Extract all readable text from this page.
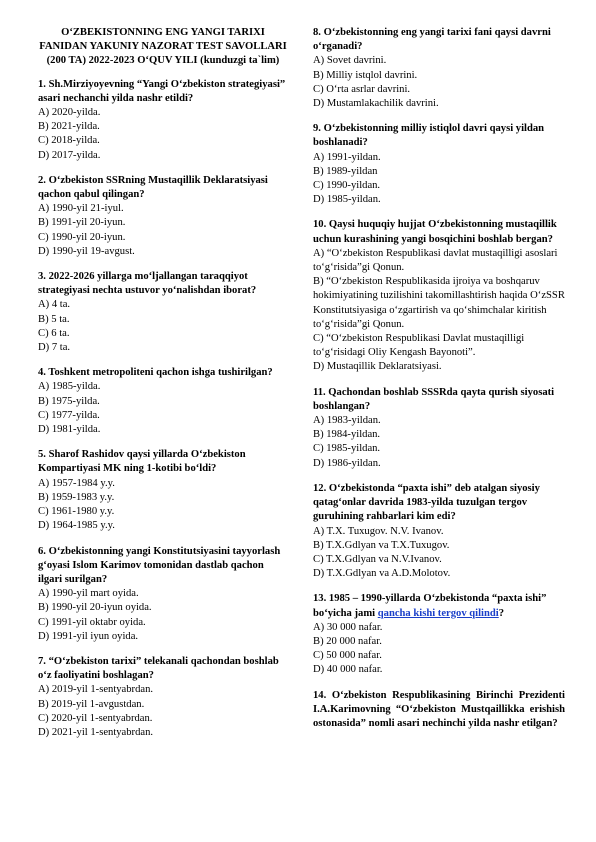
O‘ZBEKISTONNING ENG YANGI TARIXI FANIDAN YAKUNIY NAZORAT TEST SAVOLLARI (200 TA) 2022-2023 O‘QUV YILI (kunduzgi ta`lim)
1. Sh.Mirziyoyevning “Yangi O‘zbekiston strategiyasi” asari nechanchi yilda nashr etildi?
A) 2020-yilda.
B) 2021-yilda.
C) 2018-yilda.
D) 2017-yilda.
2. O‘zbekiston SSRning Mustaqillik Deklaratsiyasi qachon qabul qilingan?
A) 1990-yil 21-iyul.
B) 1991-yil 20-iyun.
C) 1990-yil 20-iyun.
D) 1990-yil 19-avgust.
3. 2022-2026 yillarga mo‘ljallangan taraqqiyot strategiyasi nechta ustuvor yo‘nalishdan iborat?
A) 4 ta.
B) 5 ta.
C) 6 ta.
D) 7 ta.
4. Toshkent metropoliteni qachon ishga tushirilgan?
A) 1985-yilda.
B) 1975-yilda.
C) 1977-yilda.
D) 1981-yilda.
5. Sharof Rashidov qaysi yillarda O‘zbekiston Kompartiyasi MK ning 1-kotibi bo‘ldi?
A) 1957-1984 y.y.
B) 1959-1983 y.y.
C) 1961-1980 y.y.
D) 1964-1985 y.y.
6. O‘zbekistonning yangi Konstitutsiyasini tayyorlash g‘oyasi Islom Karimov tomonidan dastlab qachon ilgari surilgan?
A) 1990-yil mart oyida.
B) 1990-yil 20-iyun oyida.
C) 1991-yil oktabr oyida.
D) 1991-yil iyun oyida.
7. “O‘zbekiston tarixi” telekanali qachondan boshlab o‘z faoliyatini boshlagan?
A) 2019-yil 1-sentyabrdan.
B) 2019-yil 1-avgustdan.
C) 2020-yil 1-sentyabrdan.
D) 2021-yil 1-sentyabrdan.
8. O‘zbekistonning eng yangi tarixi fani qaysi davrni o‘rganadi?
A) Sovet davrini.
B) Milliy istqlol davrini.
C) O‘rta asrlar davrini.
D) Mustamlakachilik davrini.
9. O‘zbekistonning milliy istiqlol davri qaysi yildan boshlanadi?
A) 1991-yildan.
B) 1989-yildan
C) 1990-yildan.
D) 1985-yildan.
10. Qaysi huquqiy hujjat O‘zbekistonning mustaqillik uchun kurashining yangi bosqichini boshlab bergan?
A) “O‘zbekiston Respublikasi davlat mustaqilligi asoslari to‘g‘risida”gi Qonun.
B) “O‘zbekiston Respublikasida ijroiya va boshqaruv hokimiyatining tuzilishini takomillashtirish haqida O‘zSSR Konstitutsiyasiga o‘zgartirish va qo‘shimchalar kiritish to‘g‘risida”gi Qonun.
C) “O‘zbekiston Respublikasi Davlat mustaqilligi to‘g‘risidagi Oliy Kengash Bayonoti”.
D) Mustaqillik Deklaratsiyasi.
11. Qachondan boshlab SSSRda qayta qurish siyosati boshlangan?
A) 1983-yildan.
B) 1984-yildan.
C) 1985-yildan.
D) 1986-yildan.
12. O‘zbekistonda “paxta ishi” deb atalgan siyosiy qatag‘onlar davrida 1983-yilda tuzulgan tergov guruhining rahbarlari kim edi?
A) T.X. Tuxugov. N.V. Ivanov.
B) T.X.Gdlyan va T.X.Tuxugov.
C) T.X.Gdlyan va N.V.Ivanov.
D) T.X.Gdlyan va A.D.Molotov.
13. 1985 – 1990-yillarda O‘zbekistonda “paxta ishi” bo‘yicha jami qancha kishi tergov qilindi?
A) 30 000 nafar.
B) 20 000 nafar.
C) 50 000 nafar.
D) 40 000 nafar.
14. O‘zbekiston Respublikasining Birinchi Prezidenti I.A.Karimovning “O‘zbekiston Mustqaillikka erishish ostonasida” nomli asari nechinchi yilda nashr etilgan?
